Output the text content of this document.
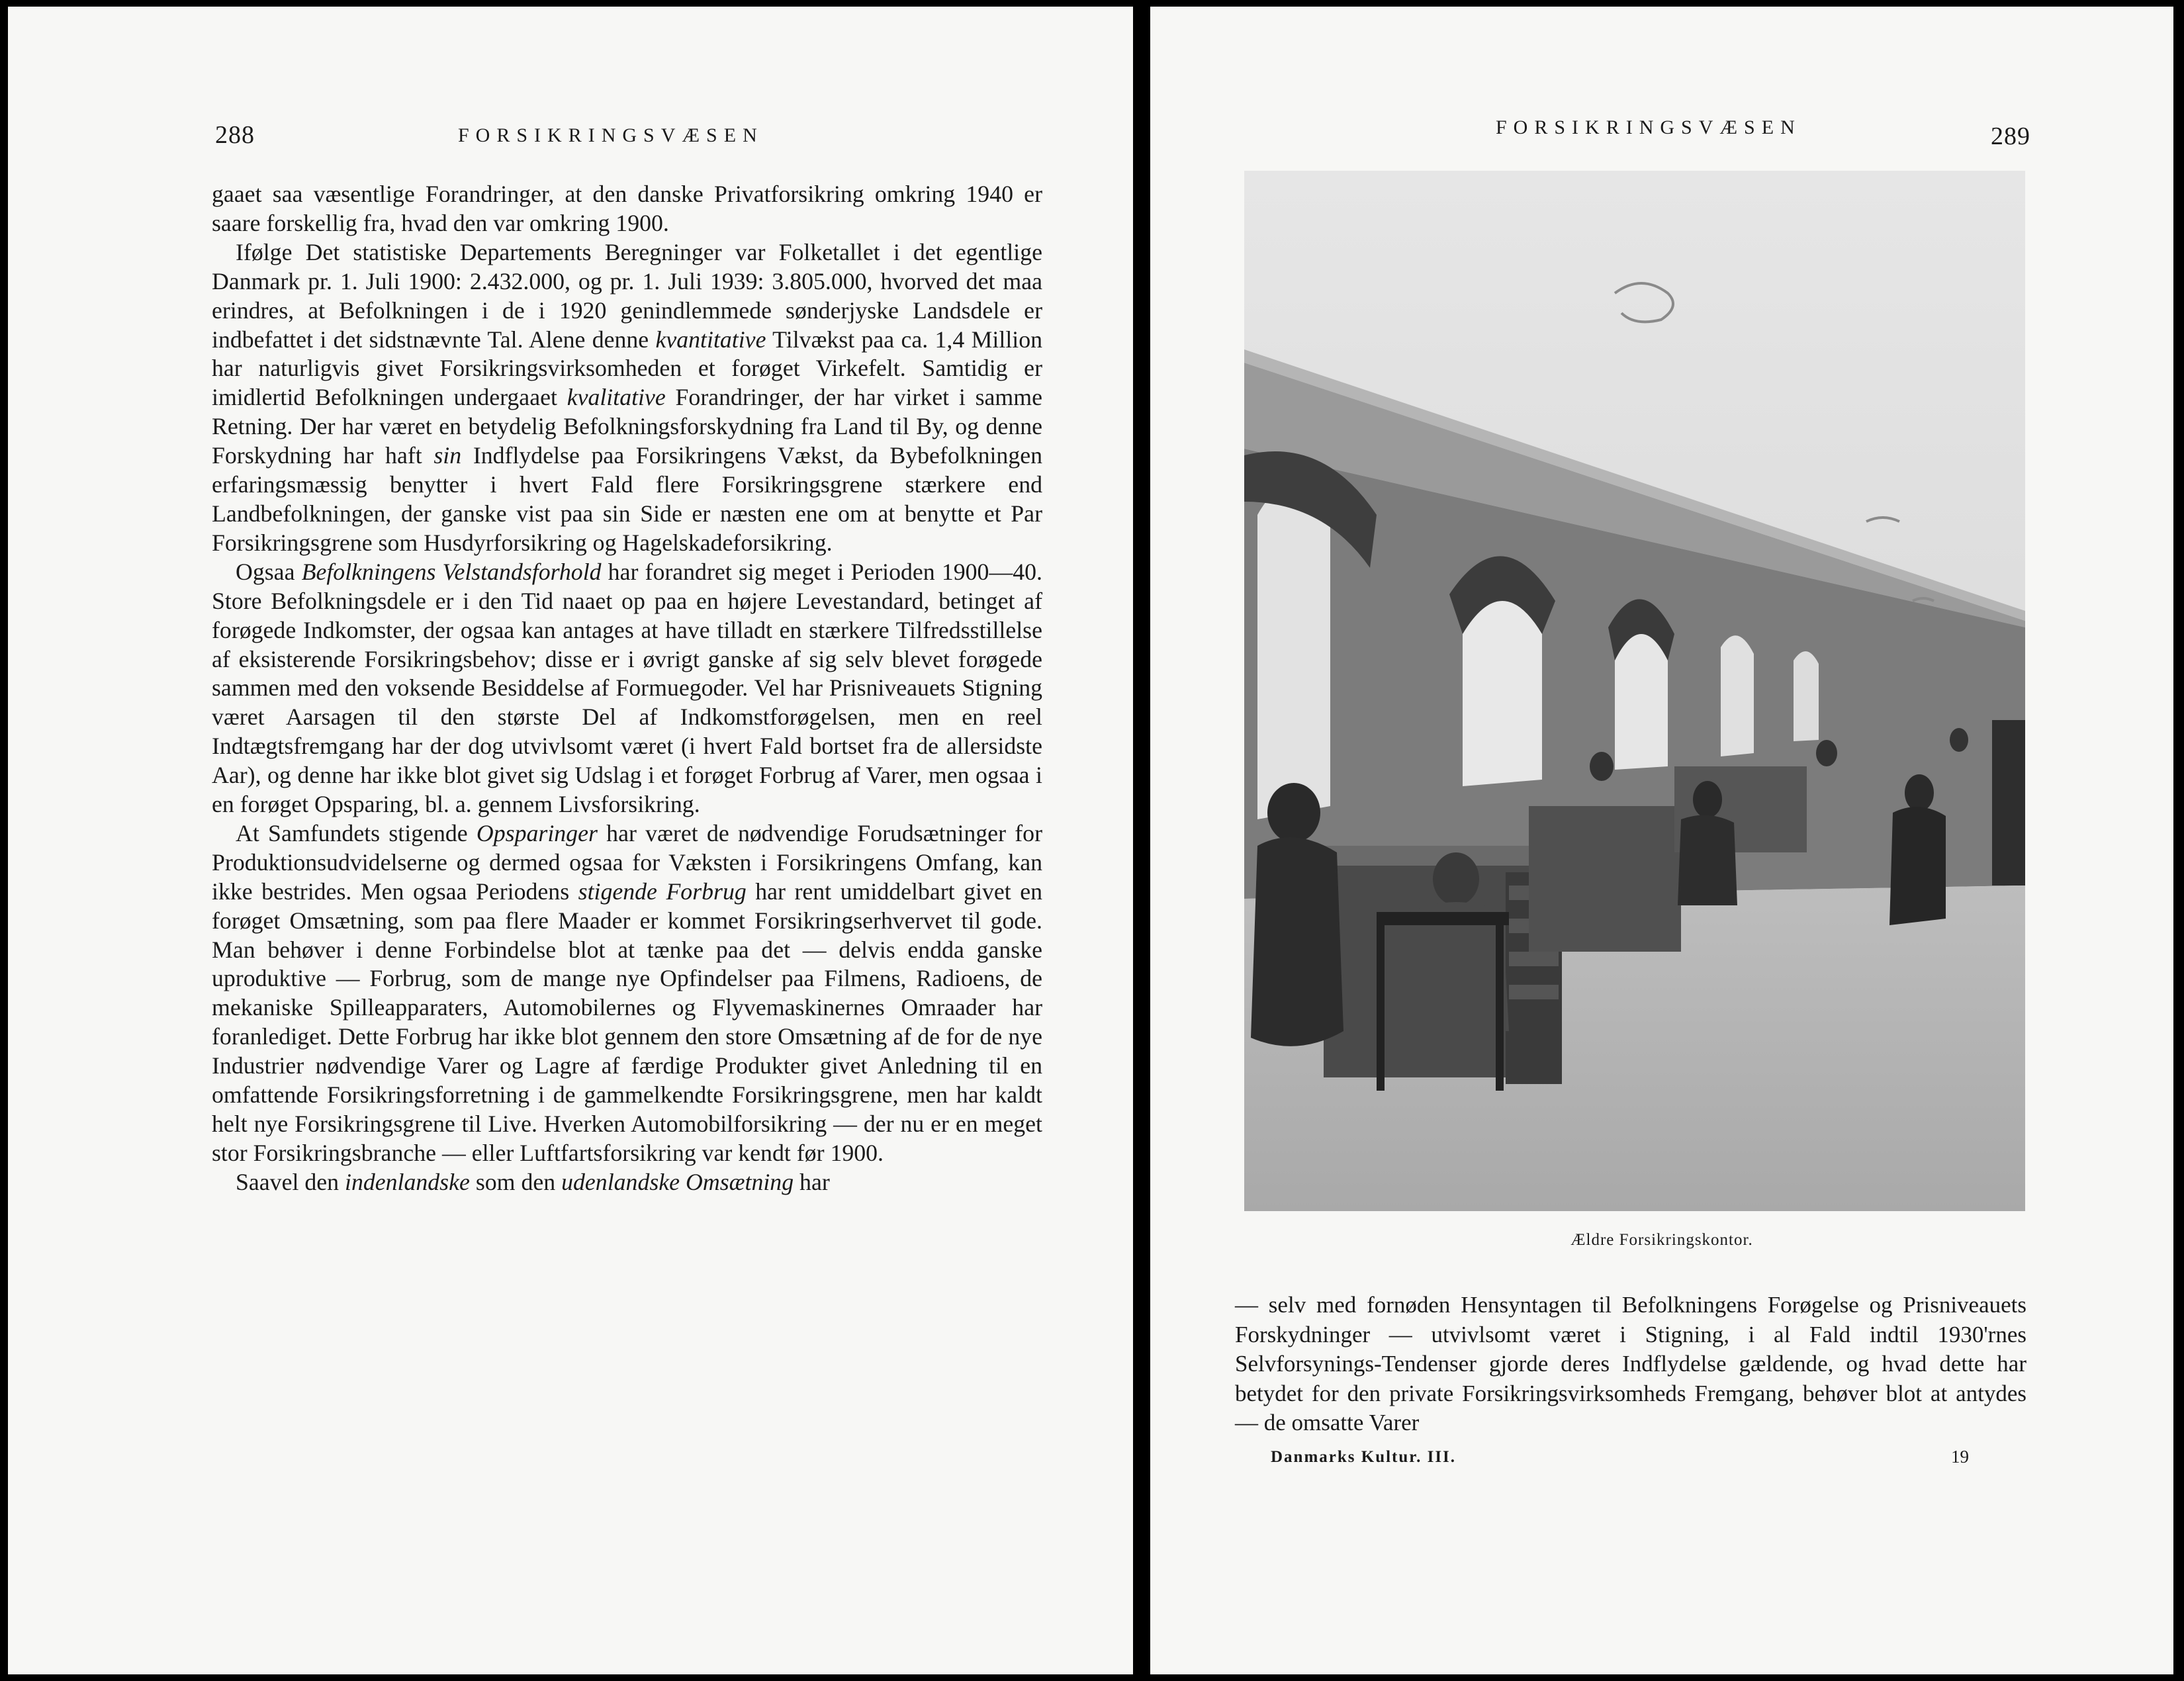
288	FORSIKRINGSVÆSEN

gaaet saa væsentlige Forandringer, at den danske Privatforsikring omkring 1940 er saare forskellig fra, hvad den var omkring 1900.

Ifølge Det statistiske Departements Beregninger var Folketallet i det egentlige Danmark pr. 1. Juli 1900: 2.432.000, og pr. 1. Juli 1939: 3.805.000, hvorved det maa erindres, at Befolkningen i de i 1920 genindlemmede sønderjyske Landsdele er indbefattet i det sidstnævnte Tal. Alene denne kvantitative Tilvækst paa ca. 1,4 Million har naturligvis givet Forsikringsvirksomheden et forøget Virkefelt. Samtidig er imidlertid Befolkningen undergaaet kvalitative Forandringer, der har virket i samme Retning. Der har været en betydelig Befolkningsforskydning fra Land til By, og denne Forskydning har haft sin Indflydelse paa Forsikringens Vækst, da Bybefolkningen erfaringsmæssig benytter i hvert Fald flere Forsikringsgrene stærkere end Landbefolkningen, der ganske vist paa sin Side er næsten ene om at benytte et Par Forsikringsgrene som Husdyrforsikring og Hagelskadeforsikring.

Ogsaa Befolkningens Velstandsforhold har forandret sig meget i Perioden 1900—40. Store Befolkningsdele er i den Tid naaet op paa en højere Levestandard, betinget af forøgede Indkomster, der ogsaa kan antages at have tilladt en stærkere Tilfredsstillelse af eksisterende Forsikringsbehov; disse er i øvrigt ganske af sig selv blevet forøgede sammen med den voksende Besiddelse af Formuegoder. Vel har Prisniveauets Stigning været Aarsagen til den største Del af Indkomstforøgelsen, men en reel Indtægtsfremgang har der dog utvivlsomt været (i hvert Fald bortset fra de allersidste Aar), og denne har ikke blot givet sig Udslag i et forøget Forbrug af Varer, men ogsaa i en forøget Opsparing, bl. a. gennem Livsforsikring.

At Samfundets stigende Opsparinger har været de nødvendige Forudsætninger for Produktionsudvidelserne og dermed ogsaa for Væksten i Forsikringens Omfang, kan ikke bestrides. Men ogsaa Periodens stigende Forbrug har rent umiddelbart givet en forøget Omsætning, som paa flere Maader er kommet Forsikringserhvervet til gode. Man behøver i denne Forbindelse blot at tænke paa det — delvis endda ganske uproduktive — Forbrug, som de mange nye Opfindelser paa Filmens, Radioens, de mekaniske Spilleapparaters, Automobilernes og Flyvemaskinernes Omraader har foranlediget. Dette Forbrug har ikke blot gennem den store Omsætning af de for de nye Industrier nødvendige Varer og Lagre af færdige Produkter givet Anledning til en omfattende Forsikringsforretning i de gammelkendte Forsikringsgrene, men har kaldt helt nye Forsikringsgrene til Live. Hverken Automobilforsikring — der nu er en meget stor Forsikringsbranche — eller Luftfartsforsikring var kendt før 1900.

Saavel den indenlandske som den udenlandske Omsætning har

FORSIKRINGSVÆSEN	289
Ældre Forsikringskontor.

— selv med fornøden Hensyntagen til Befolkningens Forøgelse og Prisniveauets Forskydninger — utvivlsomt været i Stigning, i al Fald indtil 1930'rnes Selvforsynings-Tendenser gjorde deres Indflydelse gældende, og hvad dette har betydet for den private Forsikringsvirksomheds Fremgang, behøver blot at antydes — de omsatte Varer

Danmarks Kultur. III.	19
